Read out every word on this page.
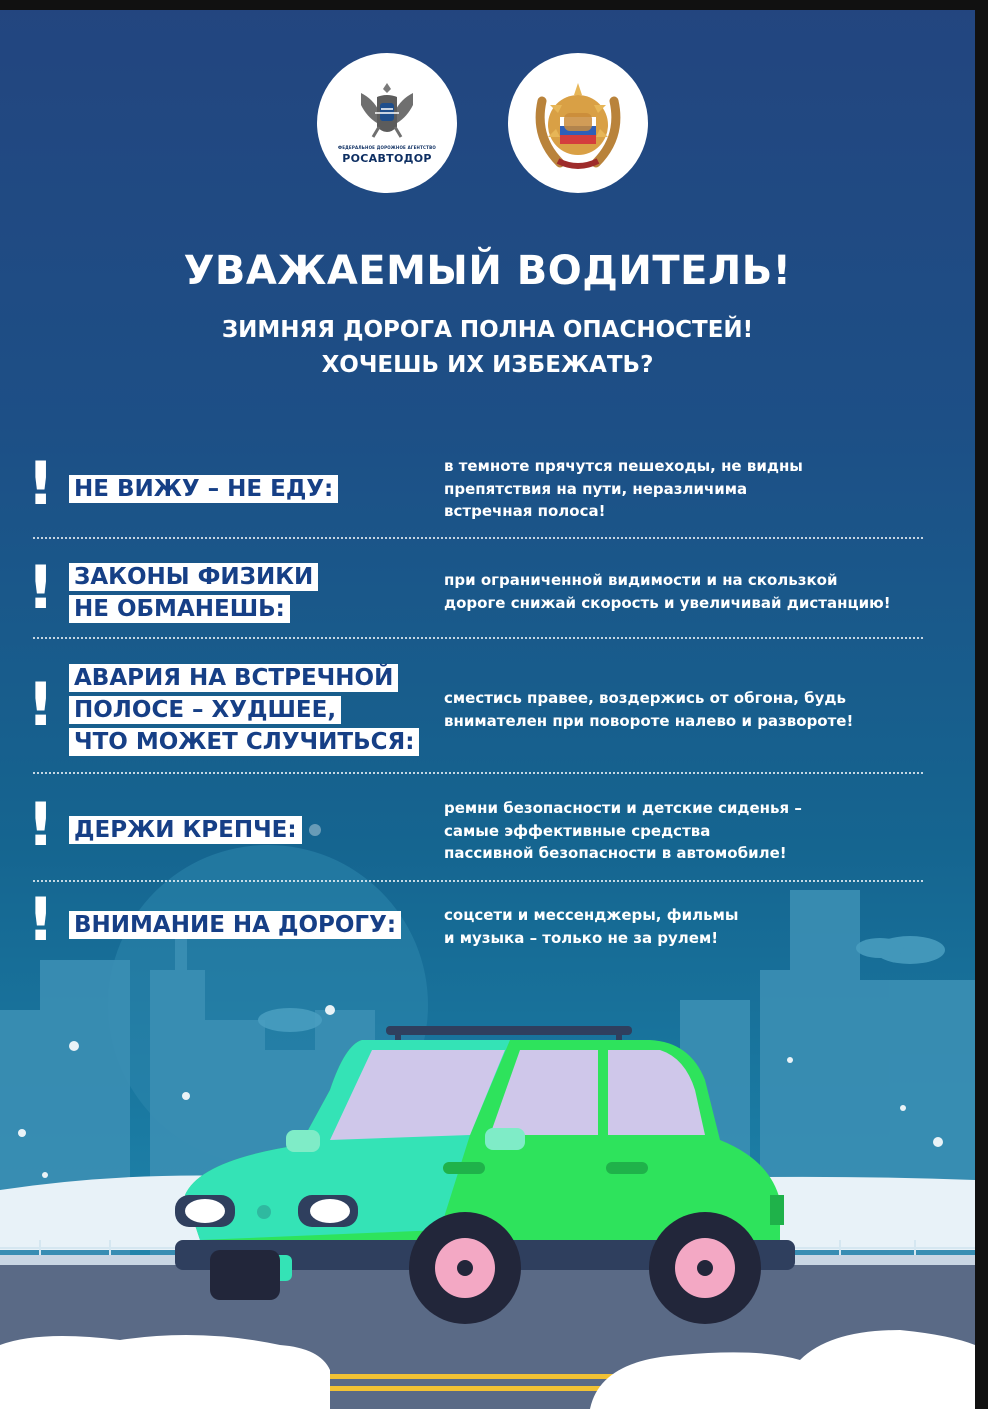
ФЕДЕРАЛЬНОЕ ДОРОЖНОЕ АГЕНТСТВО
РОСАВТОДОР
УВАЖАЕМЫЙ ВОДИТЕЛЬ!
ЗИМНЯЯ ДОРОГА ПОЛНА ОПАСНОСТЕЙ!
ХОЧЕШЬ ИХ ИЗБЕЖАТЬ?
! НЕ ВИЖУ – НЕ ЕДУ:
в темноте прячутся пешеходы, не видны
препятствия на пути, неразличима
встречная полоса!
! ЗАКОНЫ ФИЗИКИ
НЕ ОБМАНЕШЬ:
при ограниченной видимости и на скользкой
дороге снижай скорость и увеличивай дистанцию!
! АВАРИЯ НА ВСТРЕЧНОЙ
ПОЛОСЕ – ХУДШЕЕ,
ЧТО МОЖЕТ СЛУЧИТЬСЯ:
сместись правее, воздержись от обгона, будь
внимателен при повороте налево и развороте!
! ДЕРЖИ КРЕПЧЕ:
ремни безопасности и детские сиденья –
самые эффективные средства
пассивной безопасности в автомобиле!
! ВНИМАНИЕ НА ДОРОГУ:	соцсети и мессенджеры, фильмы
и музыка – только не за рулем!
